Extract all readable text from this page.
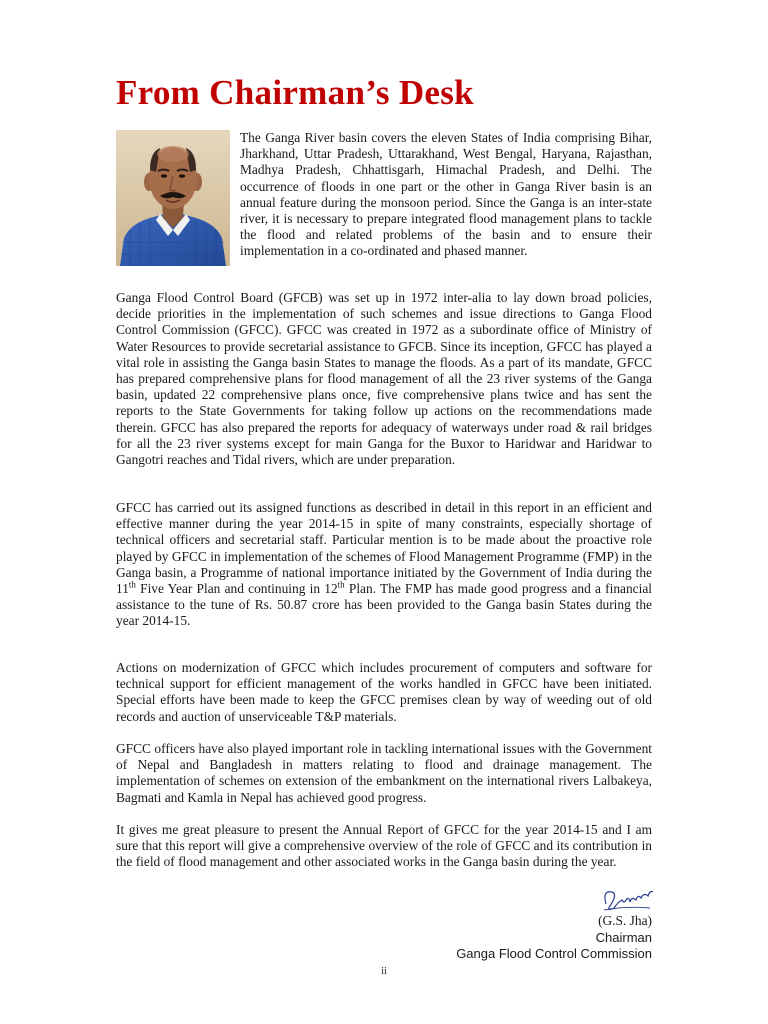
From Chairman’s Desk

The Ganga River basin covers the eleven States of India comprising Bihar, Jharkhand, Uttar Pradesh, Uttarakhand, West Bengal, Haryana, Rajasthan, Madhya Pradesh, Chhattisgarh, Himachal Pradesh, and Delhi. The occurrence of floods in one part or the other in Ganga River basin is an annual feature during the monsoon period. Since the Ganga is an inter-state river, it is necessary to prepare integrated flood management plans to tackle the flood and related problems of the basin and to ensure their implementation in a co-ordinated and phased manner.

Ganga Flood Control Board (GFCB) was set up in 1972 inter-alia to lay down broad policies, decide priorities in the implementation of such schemes and issue directions to Ganga Flood Control Commission (GFCC). GFCC was created in 1972 as a subordinate office of Ministry of Water Resources to provide secretarial assistance to GFCB. Since its inception, GFCC has played a vital role in assisting the Ganga basin States to manage the floods. As a part of its mandate, GFCC has prepared comprehensive plans for flood management of all the 23 river systems of the Ganga basin, updated 22 comprehensive plans once, five comprehensive plans twice and has sent the reports to the State Governments for taking follow up actions on the recommendations made therein. GFCC has also prepared the reports for adequacy of waterways under road & rail bridges for all the 23 river systems except for main Ganga for the Buxor to Haridwar and Haridwar to Gangotri reaches and Tidal rivers, which are under preparation.

GFCC has carried out its assigned functions as described in detail in this report in an efficient and effective manner during the year 2014-15 in spite of many constraints, especially shortage of technical officers and secretarial staff. Particular mention is to be made about the proactive role played by GFCC in implementation of the schemes of Flood Management Programme (FMP) in the Ganga basin, a Programme of national importance initiated by the Government of India during the 11th Five Year Plan and continuing in 12th Plan. The FMP has made good progress and a financial assistance to the tune of Rs. 50.87 crore has been provided to the Ganga basin States during the year 2014-15.

Actions on modernization of GFCC which includes procurement of computers and software for technical support for efficient management of the works handled in GFCC have been initiated. Special efforts have been made to keep the GFCC premises clean by way of weeding out of old records and auction of unserviceable T&P materials.

GFCC officers have also played important role in tackling international issues with the Government of Nepal and Bangladesh in matters relating to flood and drainage management. The implementation of schemes on extension of the embankment on the international rivers Lalbakeya, Bagmati and Kamla in Nepal has achieved good progress.

It gives me great pleasure to present the Annual Report of GFCC for the year 2014-15 and I am sure that this report will give a comprehensive overview of the role of GFCC and its contribution in the field of flood management and other associated works in the Ganga basin during the year.

(G.S. Jha)
Chairman
Ganga Flood Control Commission
ii
